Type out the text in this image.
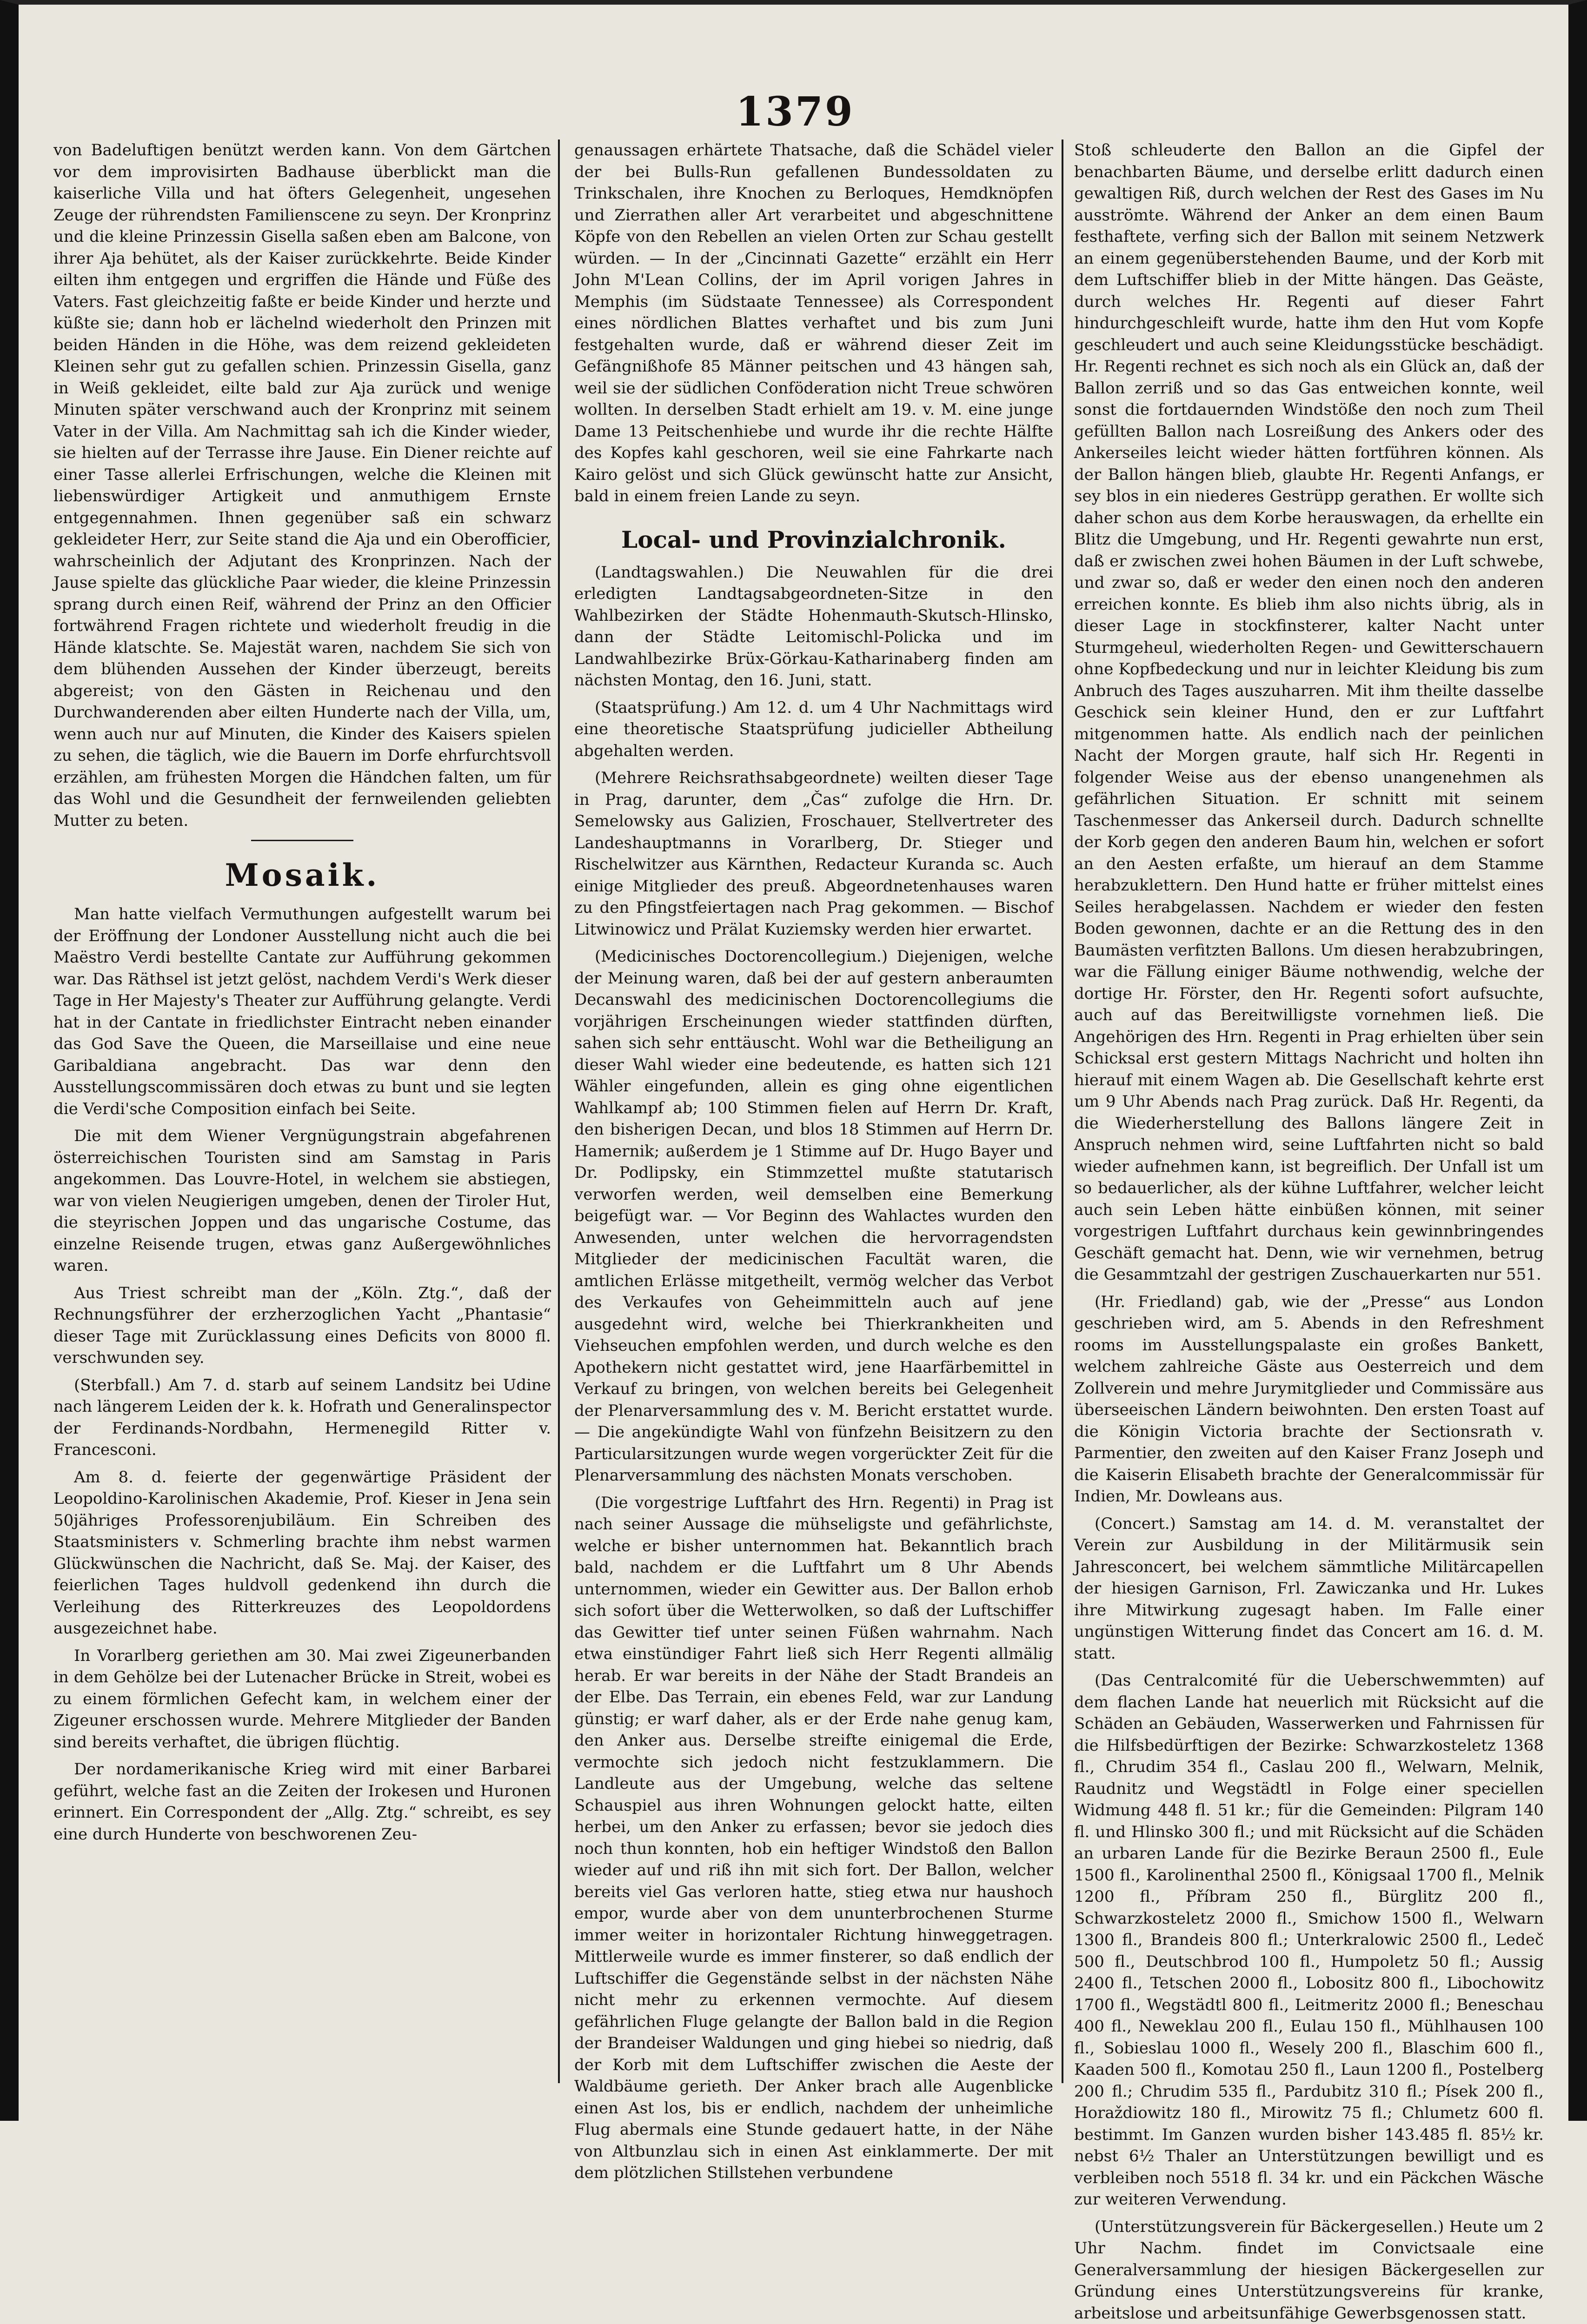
1379

von Badeluftigen benützt werden kann. Von dem Gärtchen vor dem improvisirten Badhause überblickt man die kaiserliche Villa und hat öfters Gelegenheit, ungesehen Zeuge der rührendsten Familienscene zu seyn. Der Kronprinz und die kleine Prinzessin Gisella saßen eben am Balcone, von ihrer Aja behütet, als der Kaiser zurückkehrte. Beide Kinder eilten ihm entgegen und ergriffen die Hände und Füße des Vaters. Fast gleichzeitig faßte er beide Kinder und herzte und küßte sie; dann hob er lächelnd wiederholt den Prinzen mit beiden Händen in die Höhe, was dem reizend gekleideten Kleinen sehr gut zu gefallen schien. Prinzessin Gisella, ganz in Weiß gekleidet, eilte bald zur Aja zurück und wenige Minuten später verschwand auch der Kronprinz mit seinem Vater in der Villa. Am Nachmittag sah ich die Kinder wieder, sie hielten auf der Terrasse ihre Jause. Ein Diener reichte auf einer Tasse allerlei Erfrischungen, welche die Kleinen mit liebenswürdiger Artigkeit und anmuthigem Ernste entgegennahmen. Ihnen gegenüber saß ein schwarz gekleideter Herr, zur Seite stand die Aja und ein Oberofficier, wahrscheinlich der Adjutant des Kronprinzen. Nach der Jause spielte das glückliche Paar wieder, die kleine Prinzessin sprang durch einen Reif, während der Prinz an den Officier fortwährend Fragen richtete und wiederholt freudig in die Hände klatschte. Se. Majestät waren, nachdem Sie sich von dem blühenden Aussehen der Kinder überzeugt, bereits abgereist; von den Gästen in Reichenau und den Durchwanderenden aber eilten Hunderte nach der Villa, um, wenn auch nur auf Minuten, die Kinder des Kaisers spielen zu sehen, die täglich, wie die Bauern im Dorfe ehrfurchtsvoll erzählen, am frühesten Morgen die Händchen falten, um für das Wohl und die Gesundheit der fernweilenden geliebten Mutter zu beten.

Mosaik.

Man hatte vielfach Vermuthungen aufgestellt warum bei der Eröffnung der Londoner Ausstellung nicht auch die bei Maëstro Verdi bestellte Cantate zur Aufführung gekommen war. Das Räthsel ist jetzt gelöst, nachdem Verdi's Werk dieser Tage in Her Majesty's Theater zur Aufführung gelangte. Verdi hat in der Cantate in friedlichster Eintracht neben einander das God Save the Queen, die Marseillaise und eine neue Garibaldiana angebracht. Das war denn den Ausstellungscommissären doch etwas zu bunt und sie legten die Verdi'sche Composition einfach bei Seite.

Die mit dem Wiener Vergnügungstrain abgefahrenen österreichischen Touristen sind am Samstag in Paris angekommen. Das Louvre-Hotel, in welchem sie abstiegen, war von vielen Neugierigen umgeben, denen der Tiroler Hut, die steyrischen Joppen und das ungarische Costume, das einzelne Reisende trugen, etwas ganz Außergewöhnliches waren.

Aus Triest schreibt man der „Köln. Ztg.“, daß der Rechnungsführer der erzherzoglichen Yacht „Phantasie“ dieser Tage mit Zurücklassung eines Deficits von 8000 fl. verschwunden sey.

(Sterbfall.) Am 7. d. starb auf seinem Landsitz bei Udine nach längerem Leiden der k. k. Hofrath und Generalinspector der Ferdinands-Nordbahn, Hermenegild Ritter v. Francesconi.

Am 8. d. feierte der gegenwärtige Präsident der Leopoldino-Karolinischen Akademie, Prof. Kieser in Jena sein 50jähriges Professorenjubiläum. Ein Schreiben des Staatsministers v. Schmerling brachte ihm nebst warmen Glückwünschen die Nachricht, daß Se. Maj. der Kaiser, des feierlichen Tages huldvoll gedenkend ihn durch die Verleihung des Ritterkreuzes des Leopoldordens ausgezeichnet habe.

In Vorarlberg geriethen am 30. Mai zwei Zigeunerbanden in dem Gehölze bei der Lutenacher Brücke in Streit, wobei es zu einem förmlichen Gefecht kam, in welchem einer der Zigeuner erschossen wurde. Mehrere Mitglieder der Banden sind bereits verhaftet, die übrigen flüchtig.

Der nordamerikanische Krieg wird mit einer Barbarei geführt, welche fast an die Zeiten der Irokesen und Huronen erinnert. Ein Correspondent der „Allg. Ztg.“ schreibt, es sey eine durch Hunderte von beschworenen Zeu-

genaussagen erhärtete Thatsache, daß die Schädel vieler der bei Bulls-Run gefallenen Bundessoldaten zu Trinkschalen, ihre Knochen zu Berloques, Hemdknöpfen und Zierrathen aller Art verarbeitet und abgeschnittene Köpfe von den Rebellen an vielen Orten zur Schau gestellt würden. — In der „Cincinnati Gazette“ erzählt ein Herr John M'Lean Collins, der im April vorigen Jahres in Memphis (im Südstaate Tennessee) als Correspondent eines nördlichen Blattes verhaftet und bis zum Juni festgehalten wurde, daß er während dieser Zeit im Gefängnißhofe 85 Männer peitschen und 43 hängen sah, weil sie der südlichen Conföderation nicht Treue schwören wollten. In derselben Stadt erhielt am 19. v. M. eine junge Dame 13 Peitschenhiebe und wurde ihr die rechte Hälfte des Kopfes kahl geschoren, weil sie eine Fahrkarte nach Kairo gelöst und sich Glück gewünscht hatte zur Ansicht, bald in einem freien Lande zu seyn.

Local- und Provinzialchronik.

(Landtagswahlen.) Die Neuwahlen für die drei erledigten Landtagsabgeordneten-Sitze in den Wahlbezirken der Städte Hohenmauth-Skutsch-Hlinsko, dann der Städte Leitomischl-Policka und im Landwahlbezirke Brüx-Görkau-Katharinaberg finden am nächsten Montag, den 16. Juni, statt.

(Staatsprüfung.) Am 12. d. um 4 Uhr Nachmittags wird eine theoretische Staatsprüfung judicieller Abtheilung abgehalten werden.

(Mehrere Reichsrathsabgeordnete) weilten dieser Tage in Prag, darunter, dem „Čas“ zufolge die Hrn. Dr. Semelowsky aus Galizien, Froschauer, Stellvertreter des Landeshauptmanns in Vorarlberg, Dr. Stieger und Rischelwitzer aus Kärnthen, Redacteur Kuranda sc. Auch einige Mitglieder des preuß. Abgeordnetenhauses waren zu den Pfingstfeiertagen nach Prag gekommen. — Bischof Litwinowicz und Prälat Kuziemsky werden hier erwartet.

(Medicinisches Doctorencollegium.) Diejenigen, welche der Meinung waren, daß bei der auf gestern anberaumten Decanswahl des medicinischen Doctorencollegiums die vorjährigen Erscheinungen wieder stattfinden dürften, sahen sich sehr enttäuscht. Wohl war die Betheiligung an dieser Wahl wieder eine bedeutende, es hatten sich 121 Wähler eingefunden, allein es ging ohne eigentlichen Wahlkampf ab; 100 Stimmen fielen auf Herrn Dr. Kraft, den bisherigen Decan, und blos 18 Stimmen auf Herrn Dr. Hamernik; außerdem je 1 Stimme auf Dr. Hugo Bayer und Dr. Podlipsky, ein Stimmzettel mußte statutarisch verworfen werden, weil demselben eine Bemerkung beigefügt war. — Vor Beginn des Wahlactes wurden den Anwesenden, unter welchen die hervorragendsten Mitglieder der medicinischen Facultät waren, die amtlichen Erlässe mitgetheilt, vermög welcher das Verbot des Verkaufes von Geheimmitteln auch auf jene ausgedehnt wird, welche bei Thierkrankheiten und Viehseuchen empfohlen werden, und durch welche es den Apothekern nicht gestattet wird, jene Haarfärbemittel in Verkauf zu bringen, von welchen bereits bei Gelegenheit der Plenarversammlung des v. M. Bericht erstattet wurde. — Die angekündigte Wahl von fünfzehn Beisitzern zu den Particularsitzungen wurde wegen vorgerückter Zeit für die Plenarversammlung des nächsten Monats verschoben.

(Die vorgestrige Luftfahrt des Hrn. Regenti) in Prag ist nach seiner Aussage die mühseligste und gefährlichste, welche er bisher unternommen hat. Bekanntlich brach bald, nachdem er die Luftfahrt um 8 Uhr Abends unternommen, wieder ein Gewitter aus. Der Ballon erhob sich sofort über die Wetterwolken, so daß der Luftschiffer das Gewitter tief unter seinen Füßen wahrnahm. Nach etwa einstündiger Fahrt ließ sich Herr Regenti allmälig herab. Er war bereits in der Nähe der Stadt Brandeis an der Elbe. Das Terrain, ein ebenes Feld, war zur Landung günstig; er warf daher, als er der Erde nahe genug kam, den Anker aus. Derselbe streifte einigemal die Erde, vermochte sich jedoch nicht festzuklammern. Die Landleute aus der Umgebung, welche das seltene Schauspiel aus ihren Wohnungen gelockt hatte, eilten herbei, um den Anker zu erfassen; bevor sie jedoch dies noch thun konnten, hob ein heftiger Windstoß den Ballon wieder auf und riß ihn mit sich fort. Der Ballon, welcher bereits viel Gas verloren hatte, stieg etwa nur haushoch empor, wurde aber von dem ununterbrochenen Sturme immer weiter in horizontaler Richtung hinweggetragen. Mittlerweile wurde es immer finsterer, so daß endlich der Luftschiffer die Gegenstände selbst in der nächsten Nähe nicht mehr zu erkennen vermochte. Auf diesem gefährlichen Fluge gelangte der Ballon bald in die Region der Brandeiser Waldungen und ging hiebei so niedrig, daß der Korb mit dem Luftschiffer zwischen die Aeste der Waldbäume gerieth. Der Anker brach alle Augenblicke einen Ast los, bis er endlich, nachdem der unheimliche Flug abermals eine Stunde gedauert hatte, in der Nähe von Altbunzlau sich in einen Ast einklammerte. Der mit dem plötzlichen Stillstehen verbundene

Stoß schleuderte den Ballon an die Gipfel der benachbarten Bäume, und derselbe erlitt dadurch einen gewaltigen Riß, durch welchen der Rest des Gases im Nu ausströmte. Während der Anker an dem einen Baum festhaftete, verfing sich der Ballon mit seinem Netzwerk an einem gegenüberstehenden Baume, und der Korb mit dem Luftschiffer blieb in der Mitte hängen. Das Geäste, durch welches Hr. Regenti auf dieser Fahrt hindurchgeschleift wurde, hatte ihm den Hut vom Kopfe geschleudert und auch seine Kleidungsstücke beschädigt. Hr. Regenti rechnet es sich noch als ein Glück an, daß der Ballon zerriß und so das Gas entweichen konnte, weil sonst die fortdauernden Windstöße den noch zum Theil gefüllten Ballon nach Losreißung des Ankers oder des Ankerseiles leicht wieder hätten fortführen können. Als der Ballon hängen blieb, glaubte Hr. Regenti Anfangs, er sey blos in ein niederes Gestrüpp gerathen. Er wollte sich daher schon aus dem Korbe herauswagen, da erhellte ein Blitz die Umgebung, und Hr. Regenti gewahrte nun erst, daß er zwischen zwei hohen Bäumen in der Luft schwebe, und zwar so, daß er weder den einen noch den anderen erreichen konnte. Es blieb ihm also nichts übrig, als in dieser Lage in stockfinsterer, kalter Nacht unter Sturmgeheul, wiederholten Regen- und Gewitterschauern ohne Kopfbedeckung und nur in leichter Kleidung bis zum Anbruch des Tages auszuharren. Mit ihm theilte dasselbe Geschick sein kleiner Hund, den er zur Luftfahrt mitgenommen hatte. Als endlich nach der peinlichen Nacht der Morgen graute, half sich Hr. Regenti in folgender Weise aus der ebenso unangenehmen als gefährlichen Situation. Er schnitt mit seinem Taschenmesser das Ankerseil durch. Dadurch schnellte der Korb gegen den anderen Baum hin, welchen er sofort an den Aesten erfaßte, um hierauf an dem Stamme herabzuklettern. Den Hund hatte er früher mittelst eines Seiles herabgelassen. Nachdem er wieder den festen Boden gewonnen, dachte er an die Rettung des in den Baumästen verfitzten Ballons. Um diesen herabzubringen, war die Fällung einiger Bäume nothwendig, welche der dortige Hr. Förster, den Hr. Regenti sofort aufsuchte, auch auf das Bereitwilligste vornehmen ließ. Die Angehörigen des Hrn. Regenti in Prag erhielten über sein Schicksal erst gestern Mittags Nachricht und holten ihn hierauf mit einem Wagen ab. Die Gesellschaft kehrte erst um 9 Uhr Abends nach Prag zurück. Daß Hr. Regenti, da die Wiederherstellung des Ballons längere Zeit in Anspruch nehmen wird, seine Luftfahrten nicht so bald wieder aufnehmen kann, ist begreiflich. Der Unfall ist um so bedauerlicher, als der kühne Luftfahrer, welcher leicht auch sein Leben hätte einbüßen können, mit seiner vorgestrigen Luftfahrt durchaus kein gewinnbringendes Geschäft gemacht hat. Denn, wie wir vernehmen, betrug die Gesammtzahl der gestrigen Zuschauerkarten nur 551.

(Hr. Friedland) gab, wie der „Presse“ aus London geschrieben wird, am 5. Abends in den Refreshment rooms im Ausstellungspalaste ein großes Bankett, welchem zahlreiche Gäste aus Oesterreich und dem Zollverein und mehre Jurymitglieder und Commissäre aus überseeischen Ländern beiwohnten. Den ersten Toast auf die Königin Victoria brachte der Sectionsrath v. Parmentier, den zweiten auf den Kaiser Franz Joseph und die Kaiserin Elisabeth brachte der Generalcommissär für Indien, Mr. Dowleans aus.

(Concert.) Samstag am 14. d. M. veranstaltet der Verein zur Ausbildung in der Militärmusik sein Jahresconcert, bei welchem sämmtliche Militärcapellen der hiesigen Garnison, Frl. Zawiczanka und Hr. Lukes ihre Mitwirkung zugesagt haben. Im Falle einer ungünstigen Witterung findet das Concert am 16. d. M. statt.

(Das Centralcomité für die Ueberschwemmten) auf dem flachen Lande hat neuerlich mit Rücksicht auf die Schäden an Gebäuden, Wasserwerken und Fahrnissen für die Hilfsbedürftigen der Bezirke: Schwarzkosteletz 1368 fl., Chrudim 354 fl., Caslau 200 fl., Welwarn, Melnik, Raudnitz und Wegstädtl in Folge einer speciellen Widmung 448 fl. 51 kr.; für die Gemeinden: Pilgram 140 fl. und Hlinsko 300 fl.; und mit Rücksicht auf die Schäden an urbaren Lande für die Bezirke Beraun 2500 fl., Eule 1500 fl., Karolinenthal 2500 fl., Königsaal 1700 fl., Melnik 1200 fl., Příbram 250 fl., Bürglitz 200 fl., Schwarzkosteletz 2000 fl., Smichow 1500 fl., Welwarn 1300 fl., Brandeis 800 fl.; Unterkralowic 2500 fl., Ledeč 500 fl., Deutschbrod 100 fl., Humpoletz 50 fl.; Aussig 2400 fl., Tetschen 2000 fl., Lobositz 800 fl., Libochowitz 1700 fl., Wegstädtl 800 fl., Leitmeritz 2000 fl.; Beneschau 400 fl., Neweklau 200 fl., Eulau 150 fl., Mühlhausen 100 fl., Sobieslau 1000 fl., Wesely 200 fl., Blaschim 600 fl., Kaaden 500 fl., Komotau 250 fl., Laun 1200 fl., Postelberg 200 fl.; Chrudim 535 fl., Pardubitz 310 fl.; Písek 200 fl., Horaždiowitz 180 fl., Mirowitz 75 fl.; Chlumetz 600 fl. bestimmt. Im Ganzen wurden bisher 143.485 fl. 85½ kr. nebst 6½ Thaler an Unterstützungen bewilligt und es verbleiben noch 5518 fl. 34 kr. und ein Päckchen Wäsche zur weiteren Verwendung.

(Unterstützungsverein für Bäckergesellen.) Heute um 2 Uhr Nachm. findet im Convictsaale eine Generalversammlung der hiesigen Bäckergesellen zur Gründung eines Unterstützungsvereins für kranke, arbeitslose und arbeitsunfähige Gewerbsgenossen statt.
